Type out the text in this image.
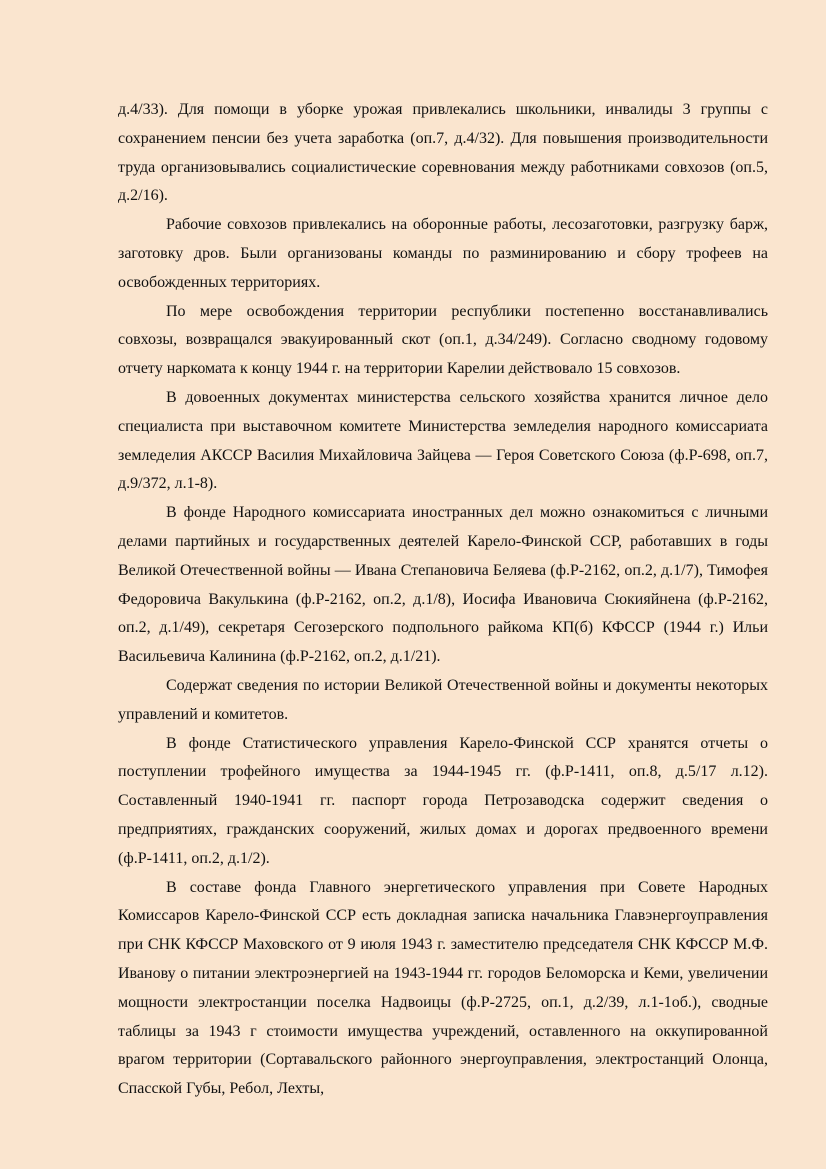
д.4/33). Для помощи в уборке урожая привлекались школьники, инвалиды 3 группы с сохранением пенсии без учета заработка (оп.7, д.4/32). Для повышения производительности труда организовывались социалистические соревнования между работниками совхозов (оп.5, д.2/16).

Рабочие совхозов привлекались на оборонные работы, лесозаготовки, разгрузку барж, заготовку дров. Были организованы команды по разминированию и сбору трофеев на освобожденных территориях.

По мере освобождения территории республики постепенно восстанавливались совхозы, возвращался эвакуированный скот (оп.1, д.34/249). Согласно сводному годовому отчету наркомата к концу 1944 г. на территории Карелии действовало 15 совхозов.

В довоенных документах министерства сельского хозяйства хранится личное дело специалиста при выставочном комитете Министерства земледелия народного комиссариата земледелия АКССР Василия Михайловича Зайцева — Героя Советского Союза (ф.Р-698, оп.7, д.9/372, л.1-8).

В фонде Народного комиссариата иностранных дел можно ознакомиться с личными делами партийных и государственных деятелей Карело-Финской ССР, работавших в годы Великой Отечественной войны — Ивана Степановича Беляева (ф.Р-2162, оп.2, д.1/7), Тимофея Федоровича Вакулькина (ф.Р-2162, оп.2, д.1/8), Иосифа Ивановича Сюкияйнена (ф.Р-2162, оп.2, д.1/49), секретаря Сегозерского подпольного райкома КП(б) КФССР (1944 г.) Ильи Васильевича Калинина (ф.Р-2162, оп.2, д.1/21).

Содержат сведения по истории Великой Отечественной войны и документы некоторых управлений и комитетов.

В фонде Статистического управления Карело-Финской ССР хранятся отчеты о поступлении трофейного имущества за 1944-1945 гг. (ф.Р-1411, оп.8, д.5/17 л.12). Составленный 1940-1941 гг. паспорт города Петрозаводска содержит сведения о предприятиях, гражданских сооружений, жилых домах и дорогах предвоенного времени (ф.Р-1411, оп.2, д.1/2).

В составе фонда Главного энергетического управления при Совете Народных Комиссаров Карело-Финской ССР есть докладная записка начальника Главэнергоуправления при СНК КФССР Маховского от 9 июля 1943 г. заместителю председателя СНК КФССР М.Ф. Иванову о питании электроэнергией на 1943-1944 гг. городов Беломорска и Кеми, увеличении мощности электростанции поселка Надвоицы (ф.Р-2725, оп.1, д.2/39, л.1-1об.), сводные таблицы за 1943 г стоимости имущества учреждений, оставленного на оккупированной врагом территории (Сортавальского районного энергоуправления, электростанций Олонца, Спасской Губы, Ребол, Лехты,
